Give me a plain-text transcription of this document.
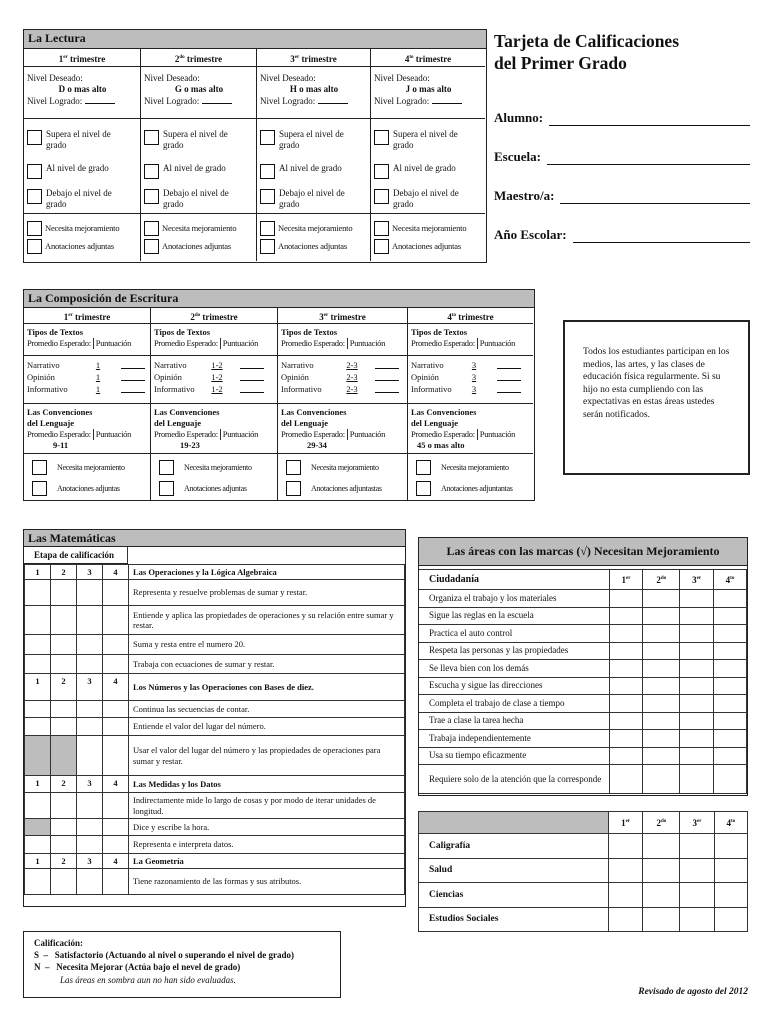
Tarjeta de Calificaciones
del Primer Grado
Alumno:
Escuela:
Maestro/a:
Año Escolar:
La Lectura
1er trimestre
Nivel Deseado:
D o mas alto
Nivel Logrado:
Supera el nivel de grado
Al nivel de grado
Debajo el nivel de grado
Necesita mejoramiento
Anotaciones adjuntas
$2^{do}$ trimestre
Nivel Deseado:
G o mas alto
Nivel Logrado:
Supera el nivel de grado
Al nivel de grado
Debajo el nivel de grado
Necesita mejoramiento
Anotaciones adjuntas
3er trimestre
Nivel Deseado:
H o mas alto
Nivel Logrado:
Supera el nivel de grado
Al nivel de grado
Debajo el nivel de grado
Necesita mejoramiento
Anotaciones adjuntas
$4^{to}$ trimestre
Nivel Deseado:
J o mas alto
Nivel Logrado:
Supera el nivel de grado
Al nivel de grado
Debajo el nivel de grado
Necesita mejoramiento
Anotaciones adjuntas
La Composición de Escritura
1er trimestre
Tipos de Textos
Promedio Esperado: Puntuación
Narrativo	1
Opinión	1
Informativo	1
Las Convenciones
del Lenguaje
Promedio Esperado: Puntuación
9-11
Necesita mejoramiento
Anotaciones adjuntas
$2^{do}$ trimestre
Tipos de Textos
Promedio Esperado: Puntuación
Narrativo	1-2
Opinión	1-2
Informativo	1-2
Las Convenciones
del Lenguaje
Promedio Esperado: Puntuación
19-23
Necesita mejoramiento
Anotaciones adjuntas
3er trimestre
Tipos de Textos
Promedio Esperado: Puntuación
Narrativo	2-3
Opinión	2-3
Informativo	2-3
Las Convenciones
del Lenguaje
Promedio Esperado: Puntuación
29-34
Necesita mejoramiento
Anotaciones adjuntastas
$4^{to}$ trimestre
Tipos de Textos
Promedio Esperado: Puntuación
Narrativo	3
Opinión	3
Informativo	3
Las Convenciones
del Lenguaje
Promedio Esperado: Puntuación
45 o mas alto
Necesita mejoramiento
Anotaciones adjuntantas
Todos los estudiantes participan en los medios, las artes, y las clases de educación física regularmente. Si su hijo no esta cumpliendo con las expectativas en estas áreas ustedes serán notificados.
Las Matemáticas
Etapa de calificación
1	2	3	4	Las Operaciones y la Lógica Algebraica
				Representa y resuelve problemas de sumar y restar.
				Entiende y aplica las propiedades de operaciones y su relación entre sumar y restar.
				Suma y resta entre el numero 20.
				Trabaja con ecuaciones de sumar y restar.
1	2	3	4	Los Números y las Operaciones con Bases de diez.
				Continua las secuencias de contar.
				Entiende el valor del lugar del número.
				Usar el valor del lugar del número y las propiedades de operaciones para sumar y restar.
1	2	3	4	Las Medidas y los Datos
				Indirectamente mide lo largo de cosas y por modo de iterar unidades de longitud.
				Dice y escribe la hora.
				Representa e interpreta datos.
1	2	3	4	La Geometría
				Tiene razonamiento de las formas y sus atributos.
Las áreas con las marcas (√) Necesitan Mejoramiento
Ciudadanía	1er	$2^{do}$	3er	$4^{to}$
Organiza el trabajo y los materiales				
Sigue las reglas en la escuela				
Practica el auto control				
Respeta las personas y las propiedades				
Se lleva bien con los demás				
Escucha y sigue las direcciones				
Completa el trabajo de clase a tiempo				
Trae a clase la tarea hecha				
Trabaja independientemente				
Usa su tiempo eficazmente				
Requiere solo de la atención que la corresponde				
	1er	$2^{do}$	3er	$4^{to}$
Caligrafía				
Salud				
Ciencias				
Estudios Sociales				
Calificación:
S  –   Satisfactorio (Actuando al nivel o superando el nivel de grado)
N  –   Necesita Mejorar (Actúa bajo el nevel de grado)
Las áreas en sombra aun no han sido evaluadas.
Revisado de agosto del 2012
